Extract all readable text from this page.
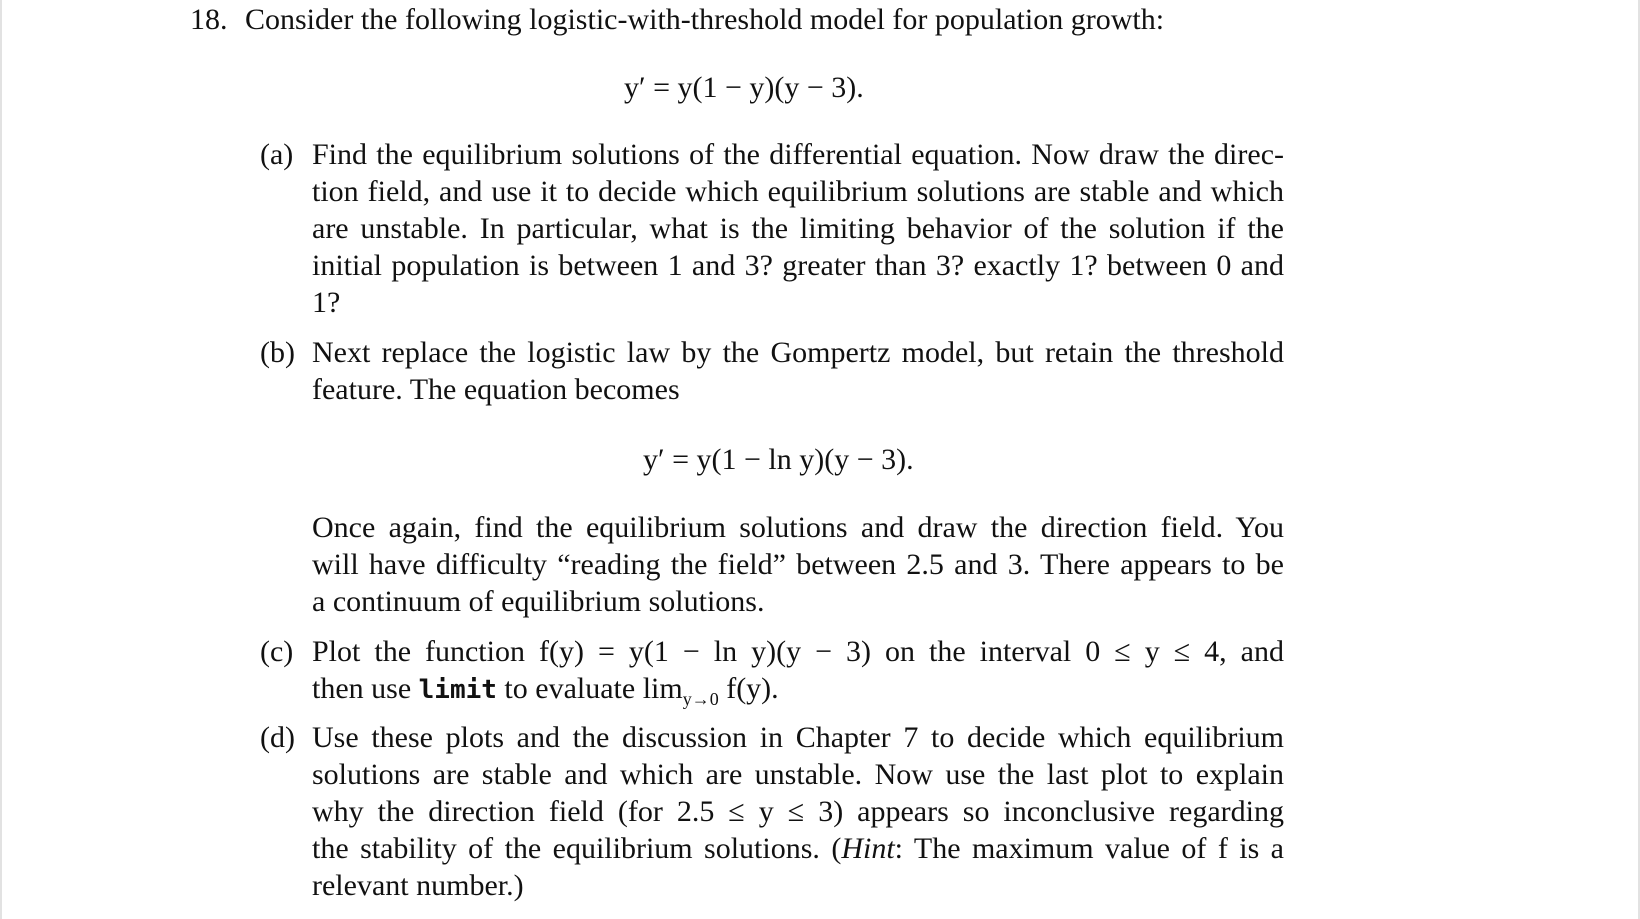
18. Consider the following logistic-with-threshold model for population growth:
y′ = y(1 − y)(y − 3).
(a) Find the equilibrium solutions of the differential equation. Now draw the direc-
tion field, and use it to decide which equilibrium solutions are stable and which
are unstable. In particular, what is the limiting behavior of the solution if the
initial population is between 1 and 3? greater than 3? exactly 1? between 0 and
1?
(b) Next replace the logistic law by the Gompertz model, but retain the threshold
feature. The equation becomes
y′ = y(1 − ln y)(y − 3).
Once again, find the equilibrium solutions and draw the direction field. You
will have difficulty “reading the field” between 2.5 and 3. There appears to be
a continuum of equilibrium solutions.
(c) Plot the function f(y) = y(1 − ln y)(y − 3) on the interval 0 ≤ y ≤ 4, and
then use limit to evaluate $\lim_{y\to 0} f(y)$.
(d) Use these plots and the discussion in Chapter 7 to decide which equilibrium
solutions are stable and which are unstable. Now use the last plot to explain
why the direction field (for 2.5 ≤ y ≤ 3) appears so inconclusive regarding
the stability of the equilibrium solutions. (Hint: The maximum value of f is a
relevant number.)
